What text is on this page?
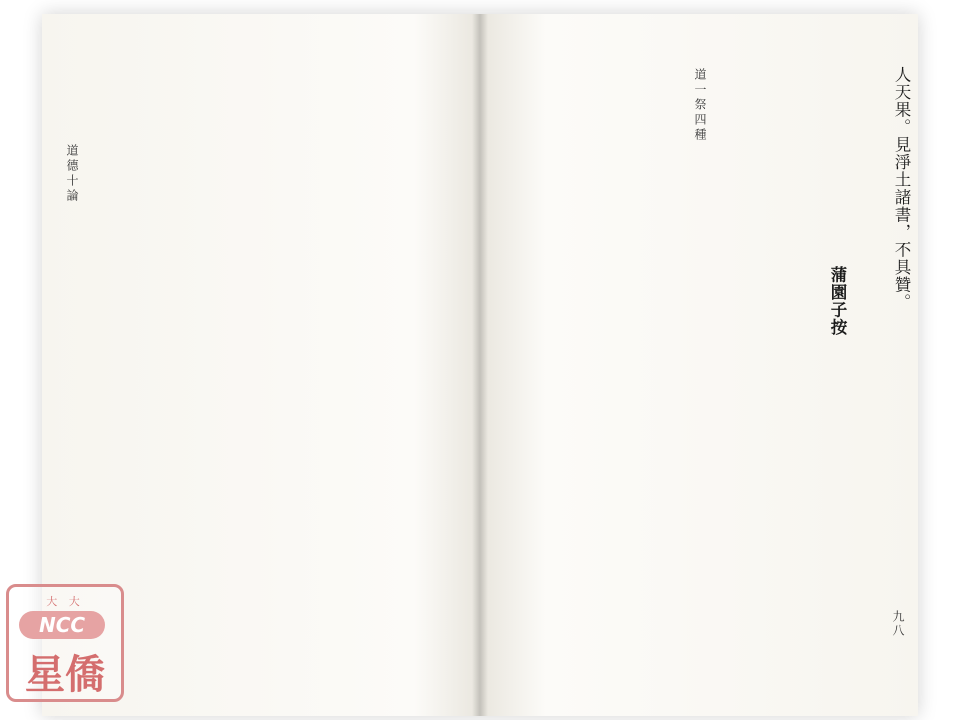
道德十論
道一祭四種
九八
人天果。見淨土諸書，不具贊。
蒲園子按
大 大
NCC
星僑
